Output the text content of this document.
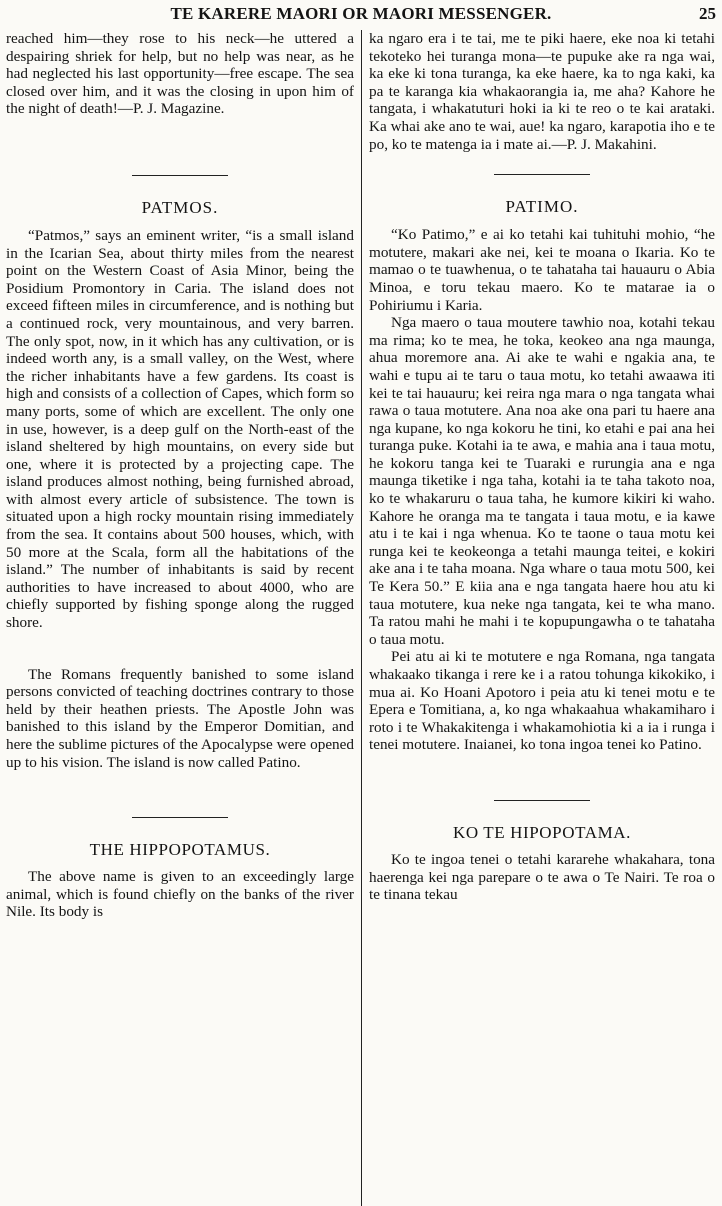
TE KARERE MAORI OR MAORI MESSENGER.	25

reached him—they rose to his neck—he uttered a despairing shriek for help, but no help was near, as he had neglected his last opportunity—free escape. The sea closed over him, and it was the closing in upon him of the night of death!—P. J. Magazine.

PATMOS.

“Patmos,” says an eminent writer, “is a small island in the Icarian Sea, about thirty miles from the nearest point on the Western Coast of Asia Minor, being the Posidium Promontory in Caria. The island does not exceed fifteen miles in circumference, and is nothing but a continued rock, very mountainous, and very barren. The only spot, now, in it which has any cultivation, or is indeed worth any, is a small valley, on the West, where the richer inhabitants have a few gardens. Its coast is high and consists of a collection of Capes, which form so many ports, some of which are excellent. The only one in use, however, is a deep gulf on the North-east of the island sheltered by high mountains, on every side but one, where it is protected by a projecting cape. The island produces almost nothing, being furnished abroad, with almost every article of subsistence. The town is situated upon a high rocky mountain rising immediately from the sea. It contains about 500 houses, which, with 50 more at the Scala, form all the habitations of the island.” The number of inhabitants is said by recent authorities to have increased to about 4000, who are chiefly supported by fishing sponge along the rugged shore.

The Romans frequently banished to some island persons convicted of teaching doctrines contrary to those held by their heathen priests. The Apostle John was banished to this island by the Emperor Domitian, and here the sublime pictures of the Apocalypse were opened up to his vision. The island is now called Patino.

THE HIPPOPOTAMUS.

The above name is given to an exceedingly large animal, which is found chiefly on the banks of the river Nile. Its body is

ka ngaro era i te tai, me te piki haere, eke noa ki tetahi tekoteko hei turanga mona—te pupuke ake ra nga wai, ka eke ki tona turanga, ka eke haere, ka to nga kaki, ka pa te karanga kia whakaorangia ia, me aha? Kahore he tangata, i whakatuturi hoki ia ki te reo o te kai arataki. Ka whai ake ano te wai, aue! ka ngaro, karapotia iho e te po, ko te matenga ia i mate ai.—P. J. Makahini.

PATIMO.

“Ko Patimo,” e ai ko tetahi kai tuhituhi mohio, “he motutere, makari ake nei, kei te moana o Ikaria. Ko te mamao o te tuawhenua, o te tahataha tai hauauru o Abia Minoa, e toru tekau maero. Ko te matarae ia o Pohiriumu i Karia.

Nga maero o taua moutere tawhio noa, kotahi tekau ma rima; ko te mea, he toka, keokeo ana nga maunga, ahua moremore ana. Ai ake te wahi e ngakia ana, te wahi e tupu ai te taru o taua motu, ko tetahi awaawa iti kei te tai hauauru; kei reira nga mara o nga tangata whai rawa o taua motutere. Ana noa ake ona pari tu haere ana nga kupane, ko nga kokoru he tini, ko etahi e pai ana hei turanga puke. Kotahi ia te awa, e mahia ana i taua motu, he kokoru tanga kei te Tuaraki e rurungia ana e nga maunga tiketike i nga taha, kotahi ia te taha takoto noa, ko te whakaruru o taua taha, he kumore kikiri ki waho. Kahore he oranga ma te tangata i taua motu, e ia kawe atu i te kai i nga whenua. Ko te taone o taua motu kei runga kei te keokeonga a tetahi maunga teitei, e kokiri ake ana i te taha moana. Nga whare o taua motu 500, kei Te Kera 50.” E kiia ana e nga tangata haere hou atu ki taua motutere, kua neke nga tangata, kei te wha mano. Ta ratou mahi he mahi i te kopupungawha o te tahataha o taua motu.

Pei atu ai ki te motutere e nga Romana, nga tangata whakaako tikanga i rere ke i a ratou tohunga kikokiko, i mua ai. Ko Hoani Apotoro i peia atu ki tenei motu e te Epera e Tomitiana, a, ko nga whakaahua whakamiharo i roto i te Whakakitenga i whakamohiotia ki a ia i runga i tenei motutere. Inaianei, ko tona ingoa tenei ko Patino.

KO TE HIPOPOTAMA.

Ko te ingoa tenei o tetahi kararehe whakahara, tona haerenga kei nga parepare o te awa o Te Nairi. Te roa o te tinana tekau
